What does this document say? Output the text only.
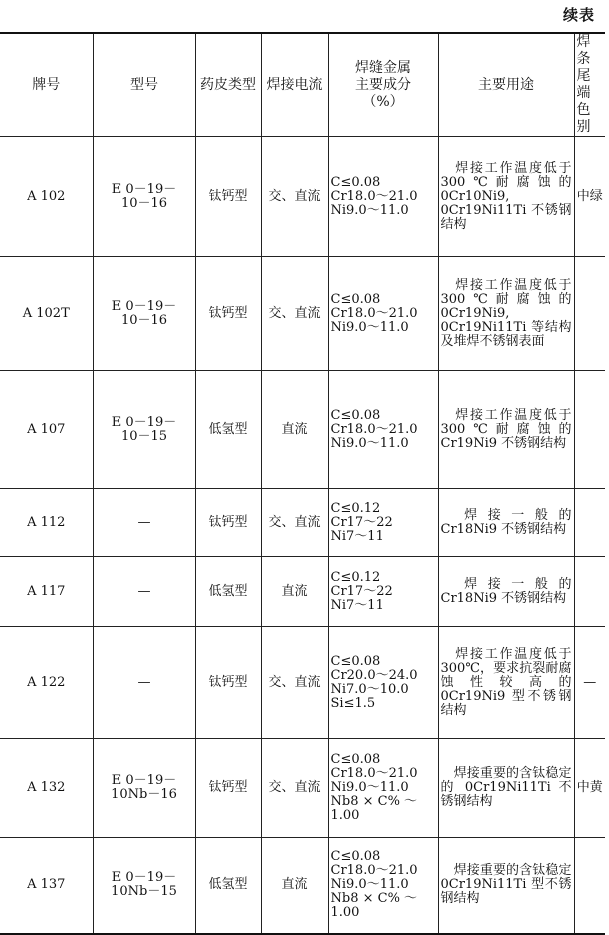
续表
牌号	型号	药皮类型	焊接电流	焊缝金属
主要成分
（%）	主要用途	焊条
尾端
色别
A 102	E 0－19－
10－16	钛钙型	交、直流	C≤0.08
Cr18.0～21.0
Ni9.0～11.0	　焊接工作温度低于300℃耐腐蚀的0Cr10Ni9, 0Cr19Ni11Ti 不锈钢结构	中绿
A 102T	E 0－19－
10－16	钛钙型	交、直流	C≤0.08
Cr18.0～21.0
Ni9.0～11.0	　焊接工作温度低于300℃耐腐蚀的0Cr19Ni9, 0Cr19Ni11Ti 等结构及堆焊不锈钢表面	
A 107	E 0－19－
10－15	低氢型	直流	C≤0.08
Cr18.0～21.0
Ni9.0～11.0	　焊接工作温度低于300℃耐腐蚀的 Cr19Ni9 不锈钢结构	
A 112	—	钛钙型	交、直流	C≤0.12
Cr17～22
Ni7～11	　焊接一般的 Cr18Ni9 不锈钢结构	
A 117	—	低氢型	直流	C≤0.12
Cr17～22
Ni7～11	　焊接一般的 Cr18Ni9 不锈钢结构	
A 122	—	钛钙型	交、直流	C≤0.08
Cr20.0～24.0
Ni7.0～10.0
Si≤1.5	　焊接工作温度低于 300℃，要求抗裂耐腐蚀性较高的 0Cr19Ni9 型不锈钢结构	—
A 132	E 0－19－
10Nb－16	钛钙型	交、直流	C≤0.08
Cr18.0～21.0
Ni9.0～11.0
Nb8 × C% ～
1.00	　焊接重要的含钛稳定的 0Cr19Ni11Ti 不锈钢结构	中黄
A 137	E 0－19－
10Nb－15	低氢型	直流	C≤0.08
Cr18.0～21.0
Ni9.0～11.0
Nb8 × C% ～
1.00	　焊接重要的含钛稳定 0Cr19Ni11Ti 型不锈钢结构	
